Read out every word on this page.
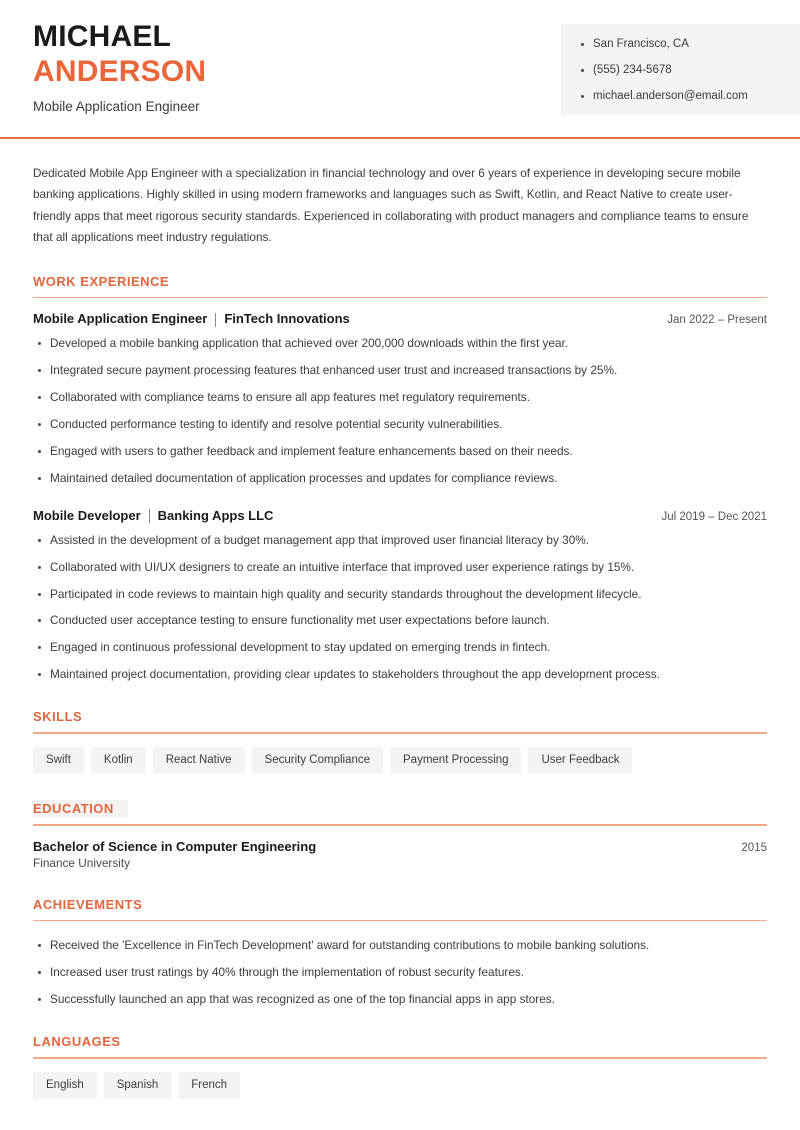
MICHAEL
ANDERSON
Mobile Application Engineer
San Francisco, CA
(555) 234-5678
michael.anderson@email.com

Dedicated Mobile App Engineer with a specialization in financial technology and over 6 years of experience in developing secure mobile banking applications. Highly skilled in using modern frameworks and languages such as Swift, Kotlin, and React Native to create user-friendly apps that meet rigorous security standards. Experienced in collaborating with product managers and compliance teams to ensure that all applications meet industry regulations.

WORK EXPERIENCE
Mobile Application Engineer FinTech Innovations	Jan 2022 – Present
Developed a mobile banking application that achieved over 200,000 downloads within the first year.
Integrated secure payment processing features that enhanced user trust and increased transactions by 25%.
Collaborated with compliance teams to ensure all app features met regulatory requirements.
Conducted performance testing to identify and resolve potential security vulnerabilities.
Engaged with users to gather feedback and implement feature enhancements based on their needs.
Maintained detailed documentation of application processes and updates for compliance reviews.
Mobile Developer Banking Apps LLC	Jul 2019 – Dec 2021
Assisted in the development of a budget management app that improved user financial literacy by 30%.
Collaborated with UI/UX designers to create an intuitive interface that improved user experience ratings by 15%.
Participated in code reviews to maintain high quality and security standards throughout the development lifecycle.
Conducted user acceptance testing to ensure functionality met user expectations before launch.
Engaged in continuous professional development to stay updated on emerging trends in fintech.
Maintained project documentation, providing clear updates to stakeholders throughout the app development process.
SKILLS
Swift	Kotlin	React Native	Security Compliance	Payment Processing	User Feedback
EDUCATION
Bachelor of Science in Computer Engineering	2015
Finance University
ACHIEVEMENTS
Received the 'Excellence in FinTech Development' award for outstanding contributions to mobile banking solutions.
Increased user trust ratings by 40% through the implementation of robust security features.
Successfully launched an app that was recognized as one of the top financial apps in app stores.
LANGUAGES
English	Spanish	French
